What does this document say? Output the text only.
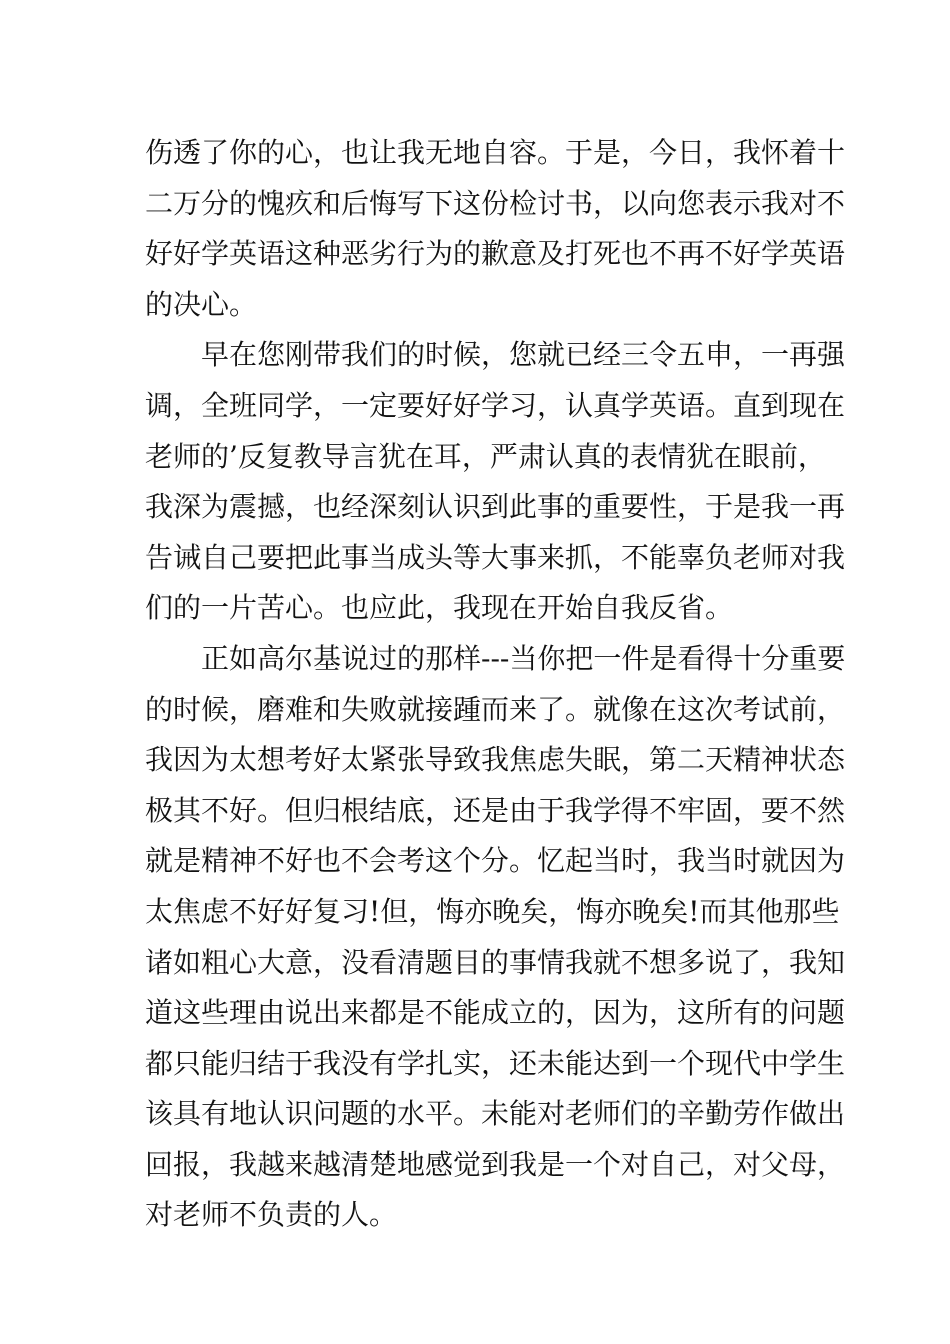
伤透了你的心，也让我无地自容。于是，今日，我怀着十
二万分的愧疚和后悔写下这份检讨书，以向您表示我对不
好好学英语这种恶劣行为的歉意及打死也不再不好学英语
的决心。
早在您刚带我们的时候，您就已经三令五申，一再强
调，全班同学，一定要好好学习，认真学英语。直到现在
老师的’反复教导言犹在耳，严肃认真的表情犹在眼前，
我深为震撼，也经深刻认识到此事的重要性，于是我一再
告诫自己要把此事当成头等大事来抓，不能辜负老师对我
们的一片苦心。也应此，我现在开始自我反省。
正如高尔基说过的那样---当你把一件是看得十分重要
的时候，磨难和失败就接踵而来了。就像在这次考试前，
我因为太想考好太紧张导致我焦虑失眠，第二天精神状态
极其不好。但归根结底，还是由于我学得不牢固，要不然
就是精神不好也不会考这个分。忆起当时，我当时就因为
太焦虑不好好复习!但，悔亦晚矣，悔亦晚矣!而其他那些
诸如粗心大意，没看清题目的事情我就不想多说了，我知
道这些理由说出来都是不能成立的，因为，这所有的问题
都只能归结于我没有学扎实，还未能达到一个现代中学生
该具有地认识问题的水平。未能对老师们的辛勤劳作做出
回报，我越来越清楚地感觉到我是一个对自己，对父母，
对老师不负责的人。
